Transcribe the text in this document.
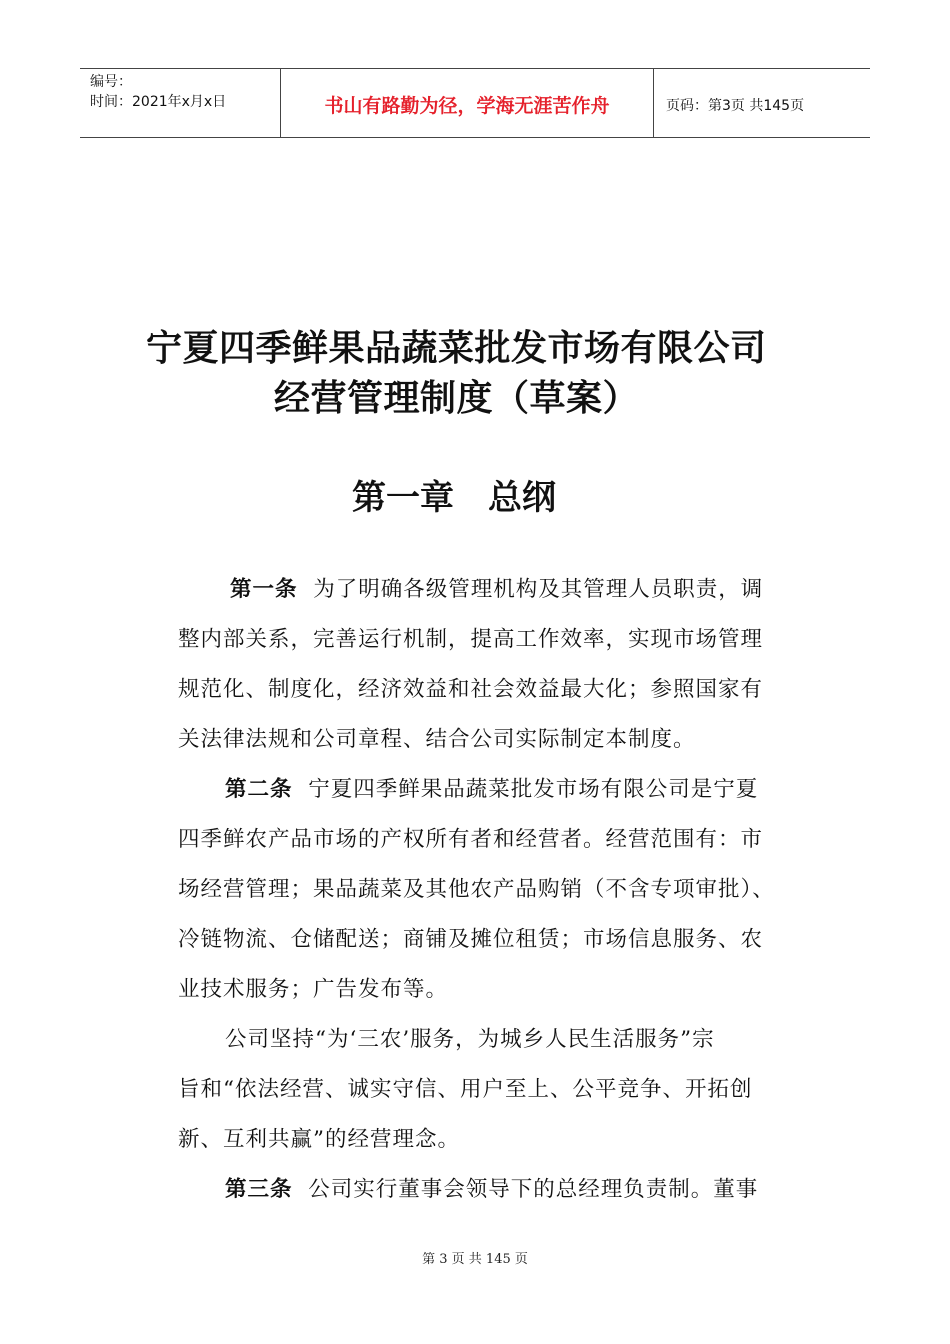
编号：
时间：2021年x月x日	书山有路勤为径，学海无涯苦作舟	页码：第3页 共145页
宁夏四季鲜果品蔬菜批发市场有限公司
经营管理制度（草案）
第一章　总纲

第一条 为了明确各级管理机构及其管理人员职责，调

整内部关系，完善运行机制，提高工作效率，实现市场管理

规范化、制度化，经济效益和社会效益最大化；参照国家有

关法律法规和公司章程、结合公司实际制定本制度。

第二条 宁夏四季鲜果品蔬菜批发市场有限公司是宁夏

四季鲜农产品市场的产权所有者和经营者。经营范围有：市

场经营管理；果品蔬菜及其他农产品购销（不含专项审批）、

冷链物流、仓储配送；商铺及摊位租赁；市场信息服务、农

业技术服务；广告发布等。

公司坚持“为‘三农’服务，为城乡人民生活服务”宗

旨和“依法经营、诚实守信、用户至上、公平竞争、开拓创

新、互利共赢”的经营理念。

第三条 公司实行董事会领导下的总经理负责制。董事

第 3 页 共 145 页
